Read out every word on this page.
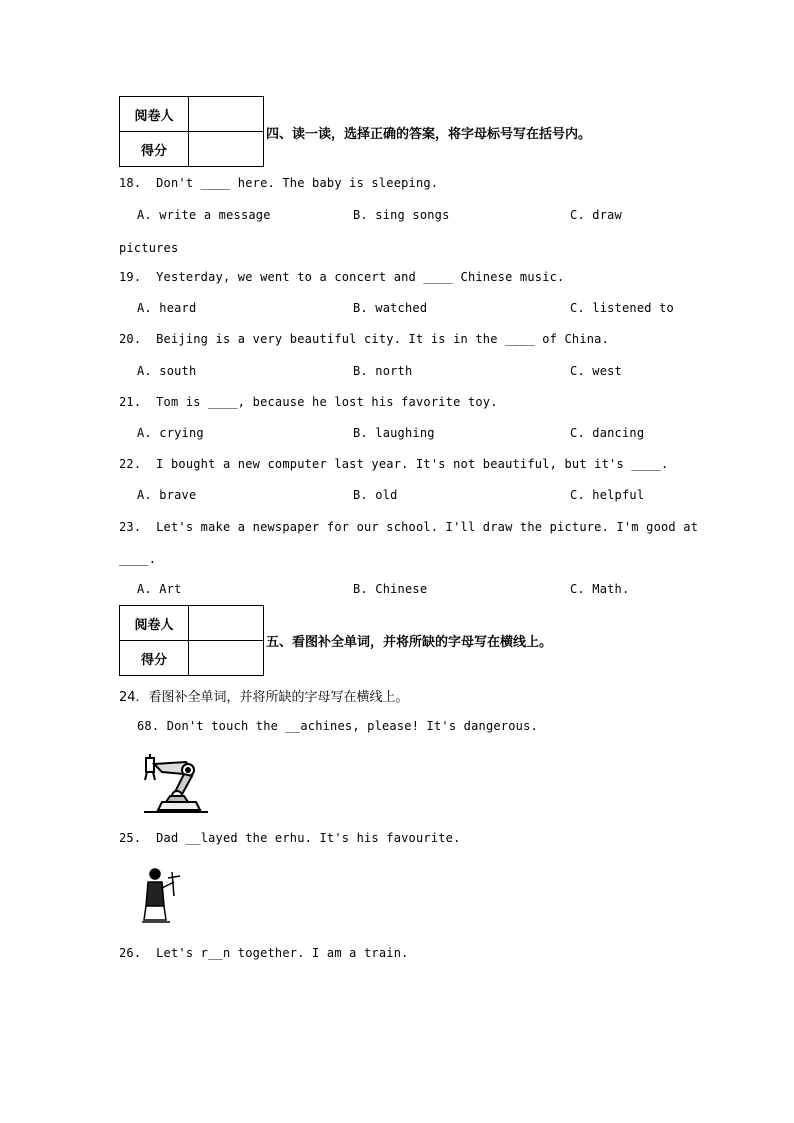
阅卷人	
得分	
四、读一读，选择正确的答案，将字母标号写在括号内。
18.  Don't ____ here. The baby is sleeping.
A. write a message	B. sing songs	C. draw
pictures
19.  Yesterday, we went to a concert and ____ Chinese music.
A. heard	B. watched	C. listened to
20.  Beijing is a very beautiful city. It is in the ____ of China.
A. south	B. north	C. west
21.  Tom is ____, because he lost his favorite toy.
A. crying	B. laughing	C. dancing
22.  I bought a new computer last year. It's not beautiful, but it's ____.
A. brave	B. old	C. helpful
23.  Let's make a newspaper for our school. I'll draw the picture. I'm good at
____.
A. Art	B. Chinese	C. Math.
阅卷人	
得分	
五、看图补全单词，并将所缺的字母写在横线上。
24．看图补全单词，并将所缺的字母写在横线上。
68. Don't touch the __achines, please! It's dangerous.
25.  Dad __layed the erhu. It's his favourite.
26.  Let's r__n together. I am a train.
